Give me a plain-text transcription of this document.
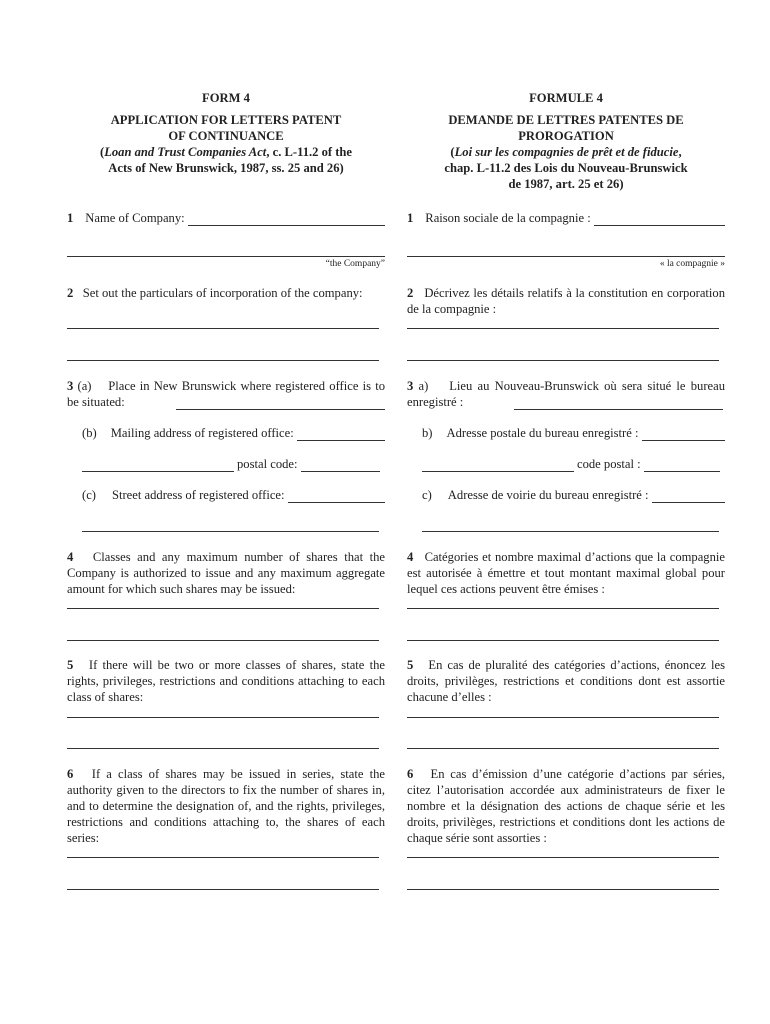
FORM 4
APPLICATION FOR LETTERS PATENT
OF CONTINUANCE
(Loan and Trust Companies Act, c. L-11.2 of the
Acts of New Brunswick, 1987, ss. 25 and 26)
1 Name of Company:
“the Company”
2 Set out the particulars of incorporation of the company:
3 (a) Place in New Brunswick where registered office is to be situated:
(b) Mailing address of registered office:
postal code:
(c) Street address of registered office:
4 Classes and any maximum number of shares that the Company is authorized to issue and any maximum aggregate amount for which such shares may be issued:
5 If there will be two or more classes of shares, state the rights, privileges, restrictions and conditions attaching to each class of shares:
6 If a class of shares may be issued in series, state the authority given to the directors to fix the number of shares in, and to determine the designation of, and the rights, privileges, restrictions and conditions attaching to, the shares of each series:
FORMULE 4
DEMANDE DE LETTRES PATENTES DE
PROROGATION
(Loi sur les compagnies de prêt et de fiducie,
chap. L-11.2 des Lois du Nouveau-Brunswick
de 1987, art. 25 et 26)
1 Raison sociale de la compagnie :
« la compagnie »
2 Décrivez les détails relatifs à la constitution en corporation de la compagnie :
3 a) Lieu au Nouveau-Brunswick où sera situé le bureau enregistré :
b) Adresse postale du bureau enregistré :
code postal :
c) Adresse de voirie du bureau enregistré :
4 Catégories et nombre maximal d’actions que la compagnie est autorisée à émettre et tout montant maximal global pour lequel ces actions peuvent être émises :
5 En cas de pluralité des catégories d’actions, énoncez les droits, privilèges, restrictions et conditions dont est assortie chacune d’elles :
6 En cas d’émission d’une catégorie d’actions par séries, citez l’autorisation accordée aux administrateurs de fixer le nombre et la désignation des actions de chaque série et les droits, privilèges, restrictions et conditions dont les actions de chaque série sont assorties :
